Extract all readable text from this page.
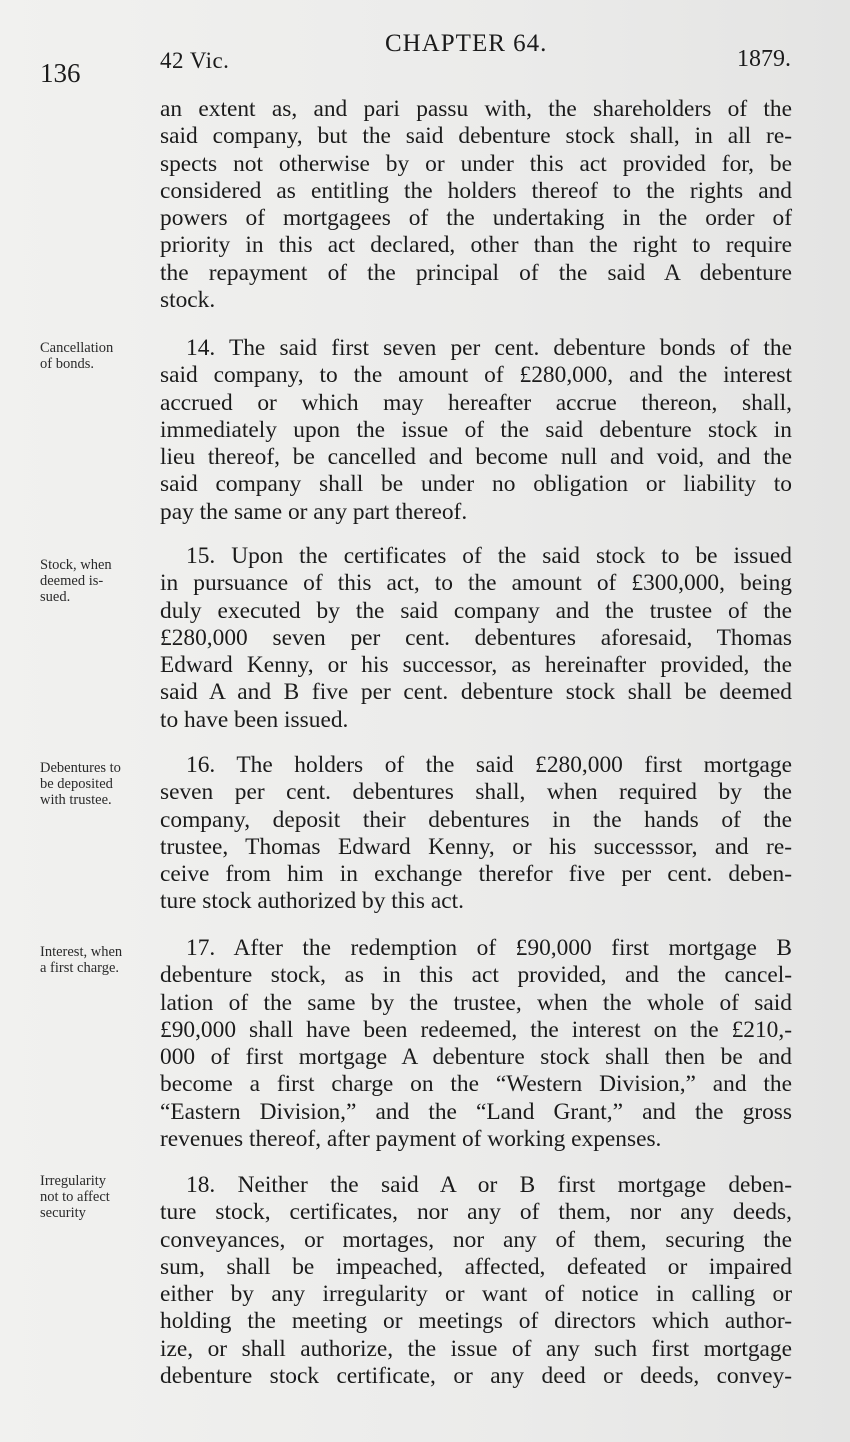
136	42 Vic.
CHAPTER 64.
1879.
an extent as, and pari passu with, the shareholders of the
said company, but the said debenture stock shall, in all re-
spects not otherwise by or under this act provided for, be
considered as entitling the holders thereof to the rights and
powers of mortgagees of the undertaking in the order of
priority in this act declared, other than the right to require
the repayment of the principal of the said A debenture
stock.
Cancellation
of bonds.
14. The said first seven per cent. debenture bonds of the
said company, to the amount of £280,000, and the interest
accrued or which may hereafter accrue thereon, shall,
immediately upon the issue of the said debenture stock in
lieu thereof, be cancelled and become null and void, and the
said company shall be under no obligation or liability to
pay the same or any part thereof.
Stock, when
deemed is-
sued.
15. Upon the certificates of the said stock to be issued
in pursuance of this act, to the amount of £300,000, being
duly executed by the said company and the trustee of the
£280,000 seven per cent. debentures aforesaid, Thomas
Edward Kenny, or his successor, as hereinafter provided, the
said A and B five per cent. debenture stock shall be deemed
to have been issued.
Debentures to
be deposited
with trustee.
16. The holders of the said £280,000 first mortgage
seven per cent. debentures shall, when required by the
company, deposit their debentures in the hands of the
trustee, Thomas Edward Kenny, or his successsor, and re-
ceive from him in exchange therefor five per cent. deben-
ture stock authorized by this act.
Interest, when
a first charge.
17. After the redemption of £90,000 first mortgage B
debenture stock, as in this act provided, and the cancel-
lation of the same by the trustee, when the whole of said
£90,000 shall have been redeemed, the interest on the £210,-
000 of first mortgage A debenture stock shall then be and
become a first charge on the “Western Division,” and the
“Eastern Division,” and the “Land Grant,” and the gross
revenues thereof, after payment of working expenses.
Irregularity
not to affect
security
18. Neither the said A or B first mortgage deben-
ture stock, certificates, nor any of them, nor any deeds,
conveyances, or mortages, nor any of them, securing the
sum, shall be impeached, affected, defeated or impaired
either by any irregularity or want of notice in calling or
holding the meeting or meetings of directors which author-
ize, or shall authorize, the issue of any such first mortgage
debenture stock certificate, or any deed or deeds, convey-
